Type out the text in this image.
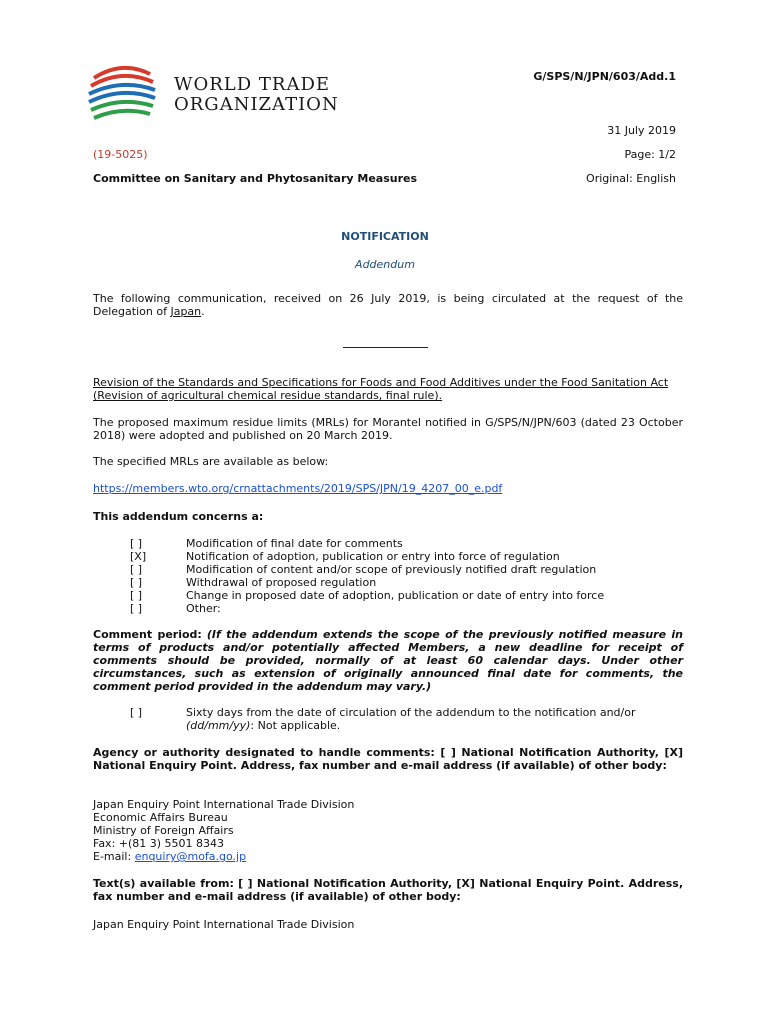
WORLD TRADE
ORGANIZATION
G/SPS/N/JPN/603/Add.1
31 July 2019
(19-5025)	Page: 1/2
Committee on Sanitary and Phytosanitary Measures	Original: English
NOTIFICATION
Addendum
The following communication, received on 26 July 2019, is being circulated at the request of the Delegation of Japan.
Revision of the Standards and Specifications for Foods and Food Additives under the Food Sanitation Act (Revision of agricultural chemical residue standards, final rule).
The proposed maximum residue limits (MRLs) for Morantel notified in G/SPS/N/JPN/603 (dated 23 October 2018) were adopted and published on 20 March 2019.
The specified MRLs are available as below:
https://members.wto.org/crnattachments/2019/SPS/JPN/19_4207_00_e.pdf
This addendum concerns a:
[ ]	Modification of final date for comments
[X]	Notification of adoption, publication or entry into force of regulation
[ ]	Modification of content and/or scope of previously notified draft regulation
[ ]	Withdrawal of proposed regulation
[ ]	Change in proposed date of adoption, publication or date of entry into force
[ ]	Other:
Comment period: (If the addendum extends the scope of the previously notified measure in terms of products and/or potentially affected Members, a new deadline for receipt of comments should be provided, normally of at least 60 calendar days. Under other circumstances, such as extension of originally announced final date for comments, the comment period provided in the addendum may vary.)
[ ]	Sixty days from the date of circulation of the addendum to the notification and/or
(dd/mm/yy): Not applicable.
Agency or authority designated to handle comments: [ ] National Notification Authority, [X] National Enquiry Point. Address, fax number and e-mail address (if available) of other body:
Japan Enquiry Point International Trade Division
Economic Affairs Bureau
Ministry of Foreign Affairs
Fax: +(81 3) 5501 8343
E-mail: enquiry@mofa.go.jp
Text(s) available from: [ ] National Notification Authority, [X] National Enquiry Point. Address, fax number and e-mail address (if available) of other body:
Japan Enquiry Point International Trade Division
